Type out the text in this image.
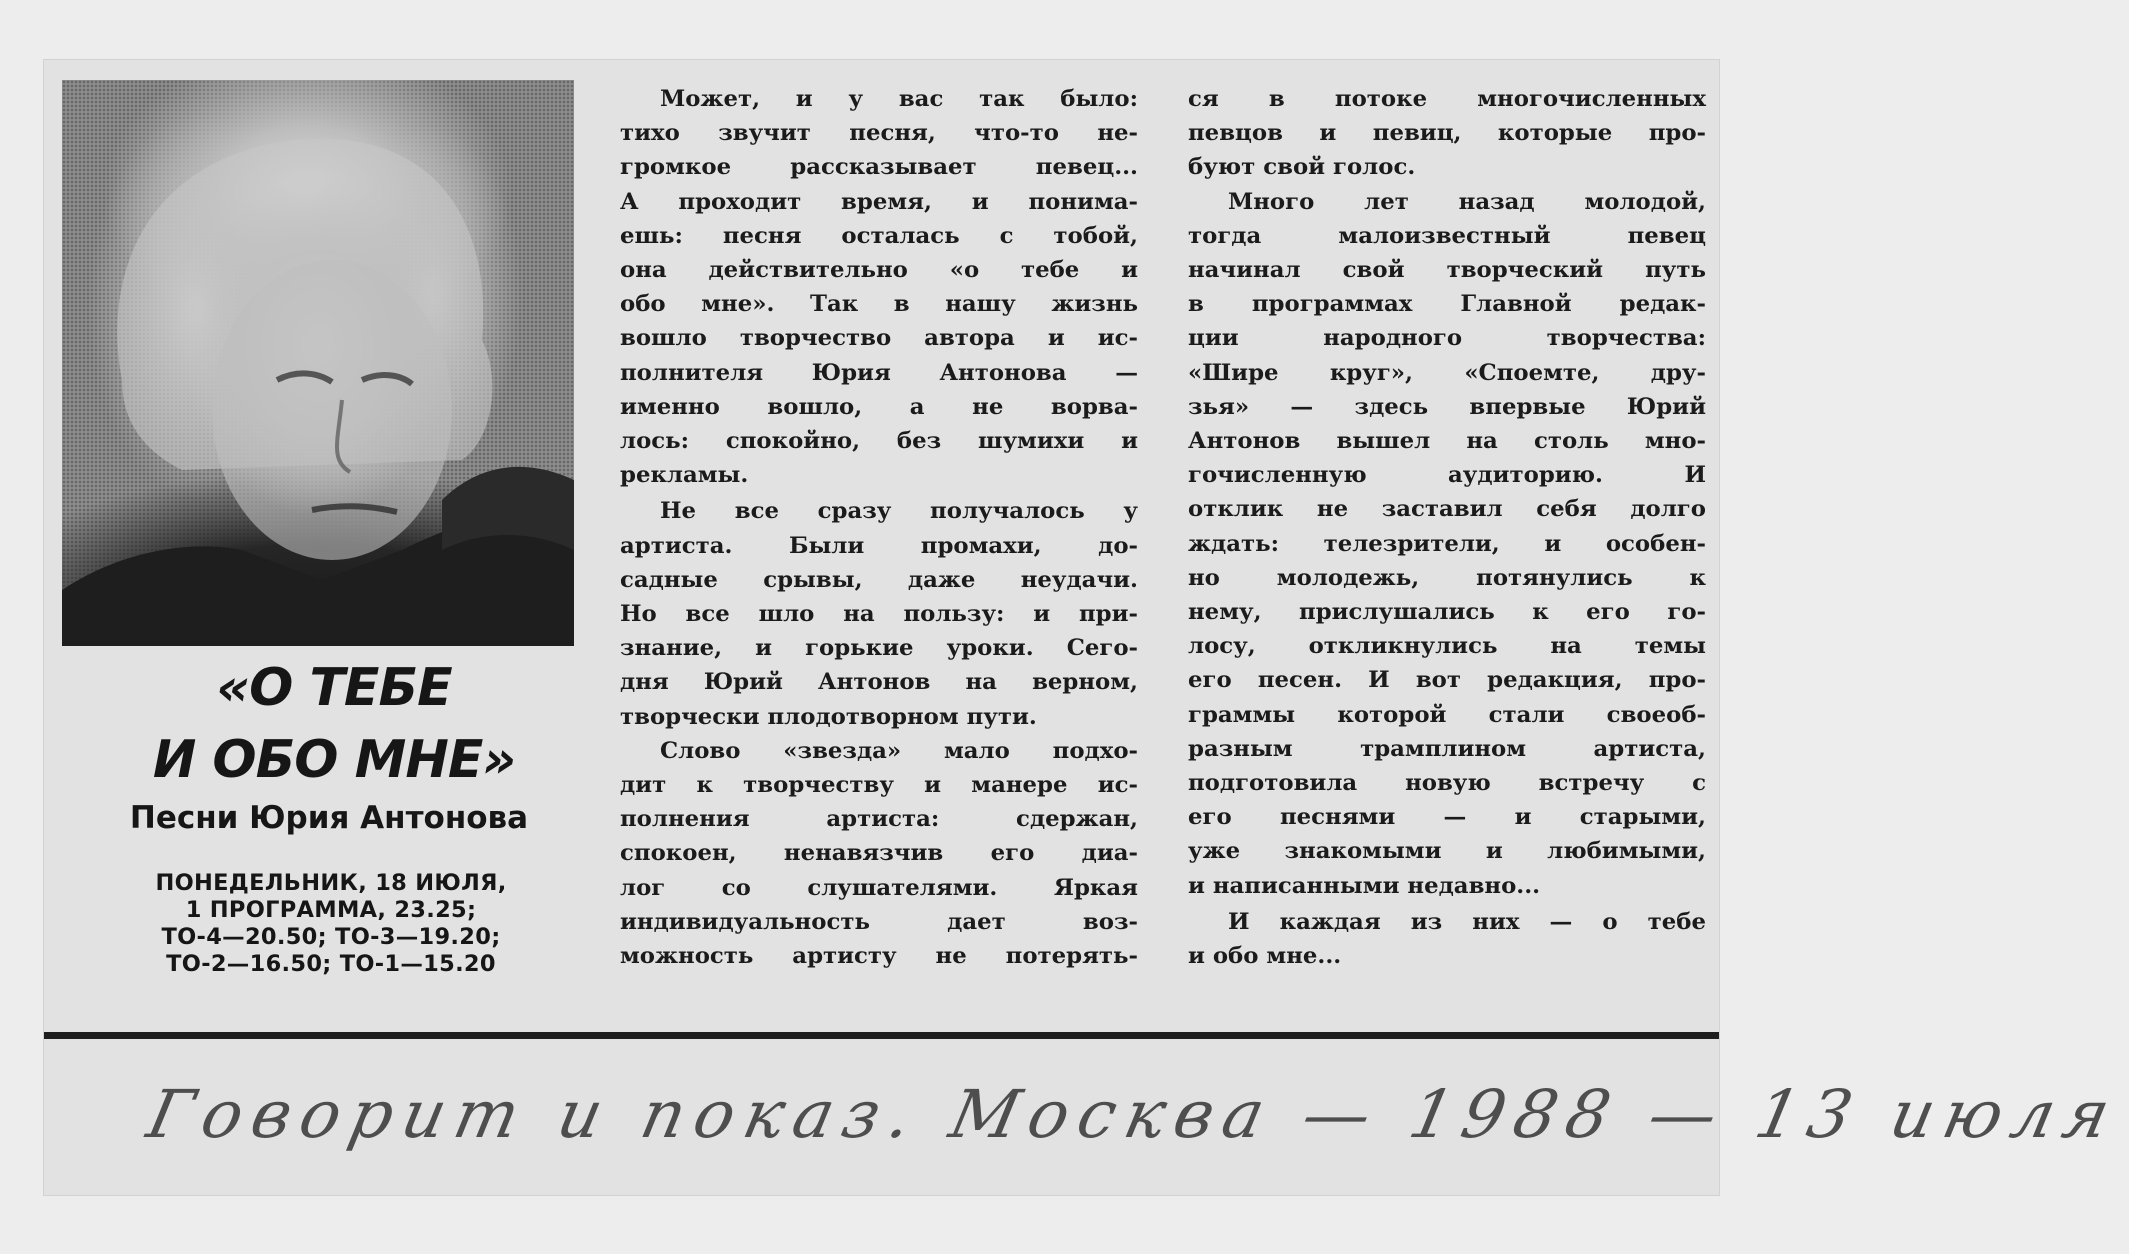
«О ТЕБЕ
И ОБО МНЕ»
Песни Юрия Антонова
ПОНЕДЕЛЬНИК, 18 ИЮЛЯ,
1 ПРОГРАММА, 23.25;
ТО-4—20.50; ТО-3—19.20;
ТО-2—16.50; ТО-1—15.20
Может, и у вас так было:
тихо звучит песня, что-то не-
громкое рассказывает певец...
А проходит время, и понима-
ешь: песня осталась с тобой,
она действительно «о тебе и
обо мне». Так в нашу жизнь
вошло творчество автора и ис-
полнителя Юрия Антонова —
именно вошло, а не ворва-
лось: спокойно, без шумихи и
рекламы.
Не все сразу получалось у
артиста. Были промахи, до-
садные срывы, даже неудачи.
Но все шло на пользу: и при-
знание, и горькие уроки. Сего-
дня Юрий Антонов на верном,
творчески плодотворном пути.
Слово «звезда» мало подхо-
дит к творчеству и манере ис-
полнения артиста: сдержан,
спокоен, ненавязчив его диа-
лог со слушателями. Яркая
индивидуальность дает воз-
можность артисту не потерять-
ся в потоке многочисленных
певцов и певиц, которые про-
буют свой голос.
Много лет назад молодой,
тогда малоизвестный певец
начинал свой творческий путь
в программах Главной редак-
ции народного творчества:
«Шире круг», «Споемте, дру-
зья» — здесь впервые Юрий
Антонов вышел на столь мно-
гочисленную аудиторию. И
отклик не заставил себя долго
ждать: телезрители, и особен-
но молодежь, потянулись к
нему, прислушались к его го-
лосу, откликнулись на темы
его песен. И вот редакция, про-
граммы которой стали своеоб-
разным трамплином артиста,
подготовила новую встречу с
его песнями — и старыми,
уже знакомыми и любимыми,
и написанными недавно...
И каждая из них — о тебе
и обо мне...
Говорит и показ. Москва — 1988 — 13 июля
